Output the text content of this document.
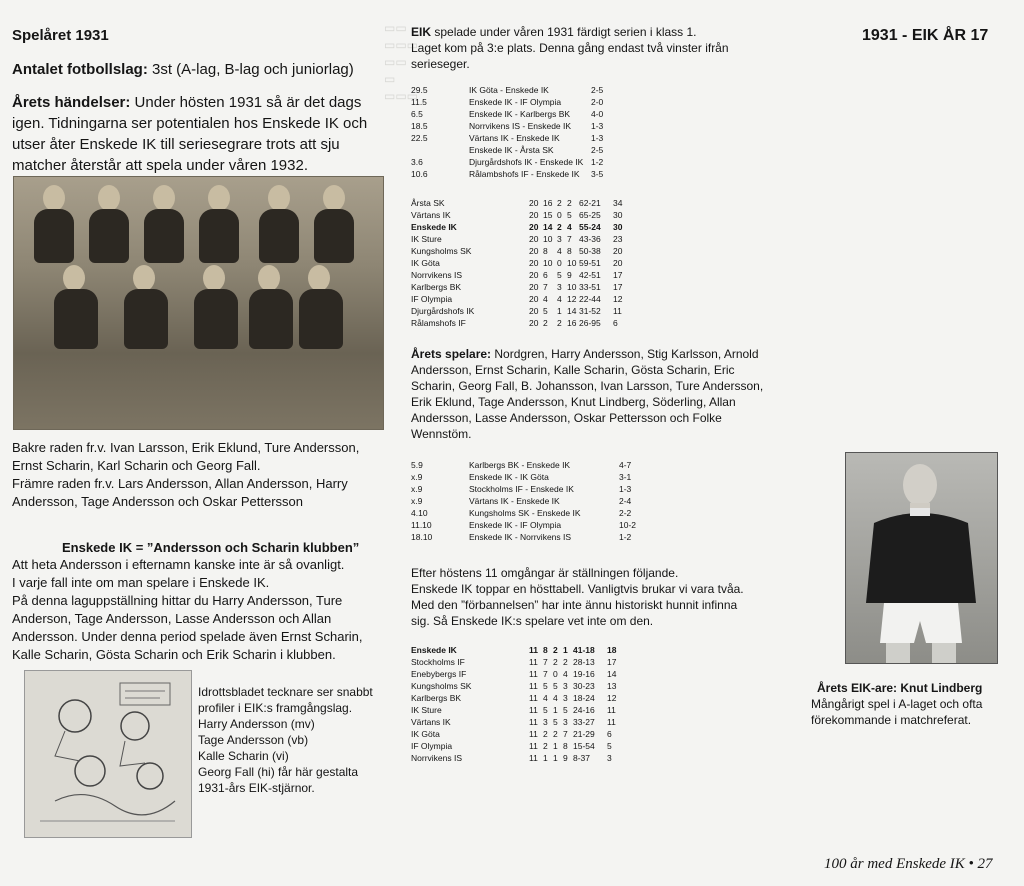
▭▭
▭▭▭
▭▭
▭
▭▭▭
Spelåret 1931	1931 - EIK ÅR 17
Antalet fotbollslag: 3st (A-lag, B-lag och juniorlag)
Årets händelser: Under hösten 1931 så är det dags
igen. Tidningarna ser potentialen hos Enskede IK och
utser åter Enskede IK till seriesegrare trots att sju
matcher återstår att spela under våren 1932.
Bakre raden fr.v. Ivan Larsson, Erik Eklund, Ture Andersson,
Ernst Scharin, Karl Scharin och Georg Fall.
Främre raden fr.v. Lars Andersson, Allan Andersson, Harry
Andersson, Tage Andersson och Oskar Pettersson
Enskede IK = ”Andersson och Scharin klubben”
Att heta Andersson i efternamn kanske inte är så ovanligt.
I varje fall inte om man spelare i Enskede IK.
På denna laguppställning hittar du Harry Andersson, Ture
Anderson, Tage Andersson, Lasse Andersson och Allan
Andersson. Under denna period spelade även Ernst Scharin,
Kalle Scharin, Gösta Scharin och Erik Scharin i klubben.
Idrottsbladet tecknare ser snabbt
profiler i EIK:s framgångslag.
Harry Andersson (mv)
Tage Andersson (vb)
Kalle Scharin (vi)
Georg Fall (hi) får här gestalta
1931-års EIK-stjärnor.
EIK spelade under våren 1931 färdigt serien i klass 1.
Laget kom på 3:e plats. Denna gång endast två vinster ifrån
serieseger.
29.5	IK Göta - Enskede IK	2-5
11.5	Enskede IK - IF Olympia	2-0
6.5	Enskede IK - Karlbergs BK	4-0
18.5	Norrvikens IS - Enskede IK	1-3
22.5	Värtans IK - Enskede IK	1-3
	Enskede IK - Årsta SK	2-5
3.6	Djurgårdshofs IK - Enskede IK	1-2
10.6	Rålambshofs IF - Enskede IK	3-5
Årsta SK	20	16	2	2	62-21	34
Värtans IK	20	15	0	5	65-25	30
Enskede IK	20	14	2	4	55-24	30
IK Sture	20	10	3	7	43-36	23
Kungsholms SK	20	8	4	8	50-38	20
IK Göta	20	10	0	10	59-51	20
Norrvikens IS	20	6	5	9	42-51	17
Karlbergs BK	20	7	3	10	33-51	17
IF Olympia	20	4	4	12	22-44	12
Djurgårdshofs IK	20	5	1	14	31-52	11
Rålamshofs IF	20	2	2	16	26-95	6
Årets spelare: Nordgren, Harry Andersson, Stig Karlsson, Arnold
Andersson, Ernst Scharin, Kalle Scharin, Gösta Scharin, Eric
Scharin, Georg Fall, B. Johansson, Ivan Larsson, Ture Andersson,
Erik Eklund, Tage Andersson, Knut Lindberg, Söderling, Allan
Andersson, Lasse Andersson, Oskar Pettersson och Folke
Wennstöm.
5.9	Karlbergs BK - Enskede IK	4-7
x.9	Enskede IK - IK Göta	3-1
x.9	Stockholms IF - Enskede IK	1-3
x.9	Värtans IK - Enskede IK	2-4
4.10	Kungsholms SK - Enskede IK	2-2
11.10	Enskede IK - IF Olympia	10-2
18.10	Enskede IK - Norrvikens IS	1-2
Efter höstens 11 omgångar är ställningen följande.
Enskede IK toppar en hösttabell. Vanligtvis brukar vi vara tvåa.
Med den ”förbannelsen” har inte ännu historiskt hunnit infinna
sig. Så Enskede IK:s spelare vet inte om den.
Enskede IK	11	8	2	1	41-18	18
Stockholms IF	11	7	2	2	28-13	17
Enebybergs IF	11	7	0	4	19-16	14
Kungsholms SK	11	5	5	3	30-23	13
Karlbergs BK	11	4	4	3	18-24	12
IK Sture	11	5	1	5	24-16	11
Värtans IK	11	3	5	3	33-27	11
IK Göta	11	2	2	7	21-29	6
IF Olympia	11	2	1	8	15-54	5
Norrvikens IS	11	1	1	9	8-37	3
Årets EIK-are: Knut Lindberg
Mångårigt spel i A-laget och ofta
förekommande i matchreferat.
100 år med Enskede IK • 27
